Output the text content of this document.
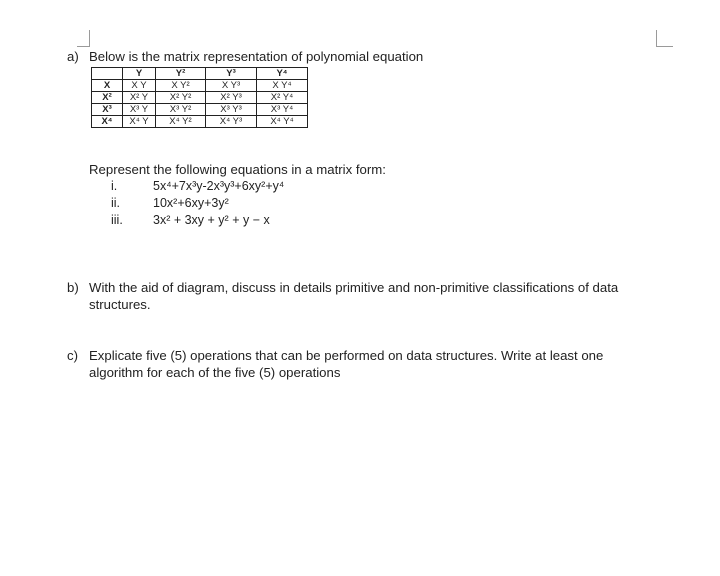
a) Below is the matrix representation of polynomial equation
	Y	Y²	Y³	Y⁴
X	X Y	X Y²	X Y³	X Y⁴
X²	X² Y	X² Y²	X² Y³	X² Y⁴
X³	X³ Y	X³ Y²	X³ Y³	X³ Y⁴
X⁴	X⁴ Y	X⁴ Y²	X⁴ Y³	X⁴ Y⁴
Represent the following equations in a matrix form:
i.	5x⁴+7x³y-2x³y³+6xy²+y⁴
ii.	10x²+6xy+3y²
iii.	3x² + 3xy + y² + y − x
b) With the aid of diagram, discuss in details primitive and non-primitive classifications of data structures.
c) Explicate five (5) operations that can be performed on data structures. Write at least one algorithm for each of the five (5) operations
